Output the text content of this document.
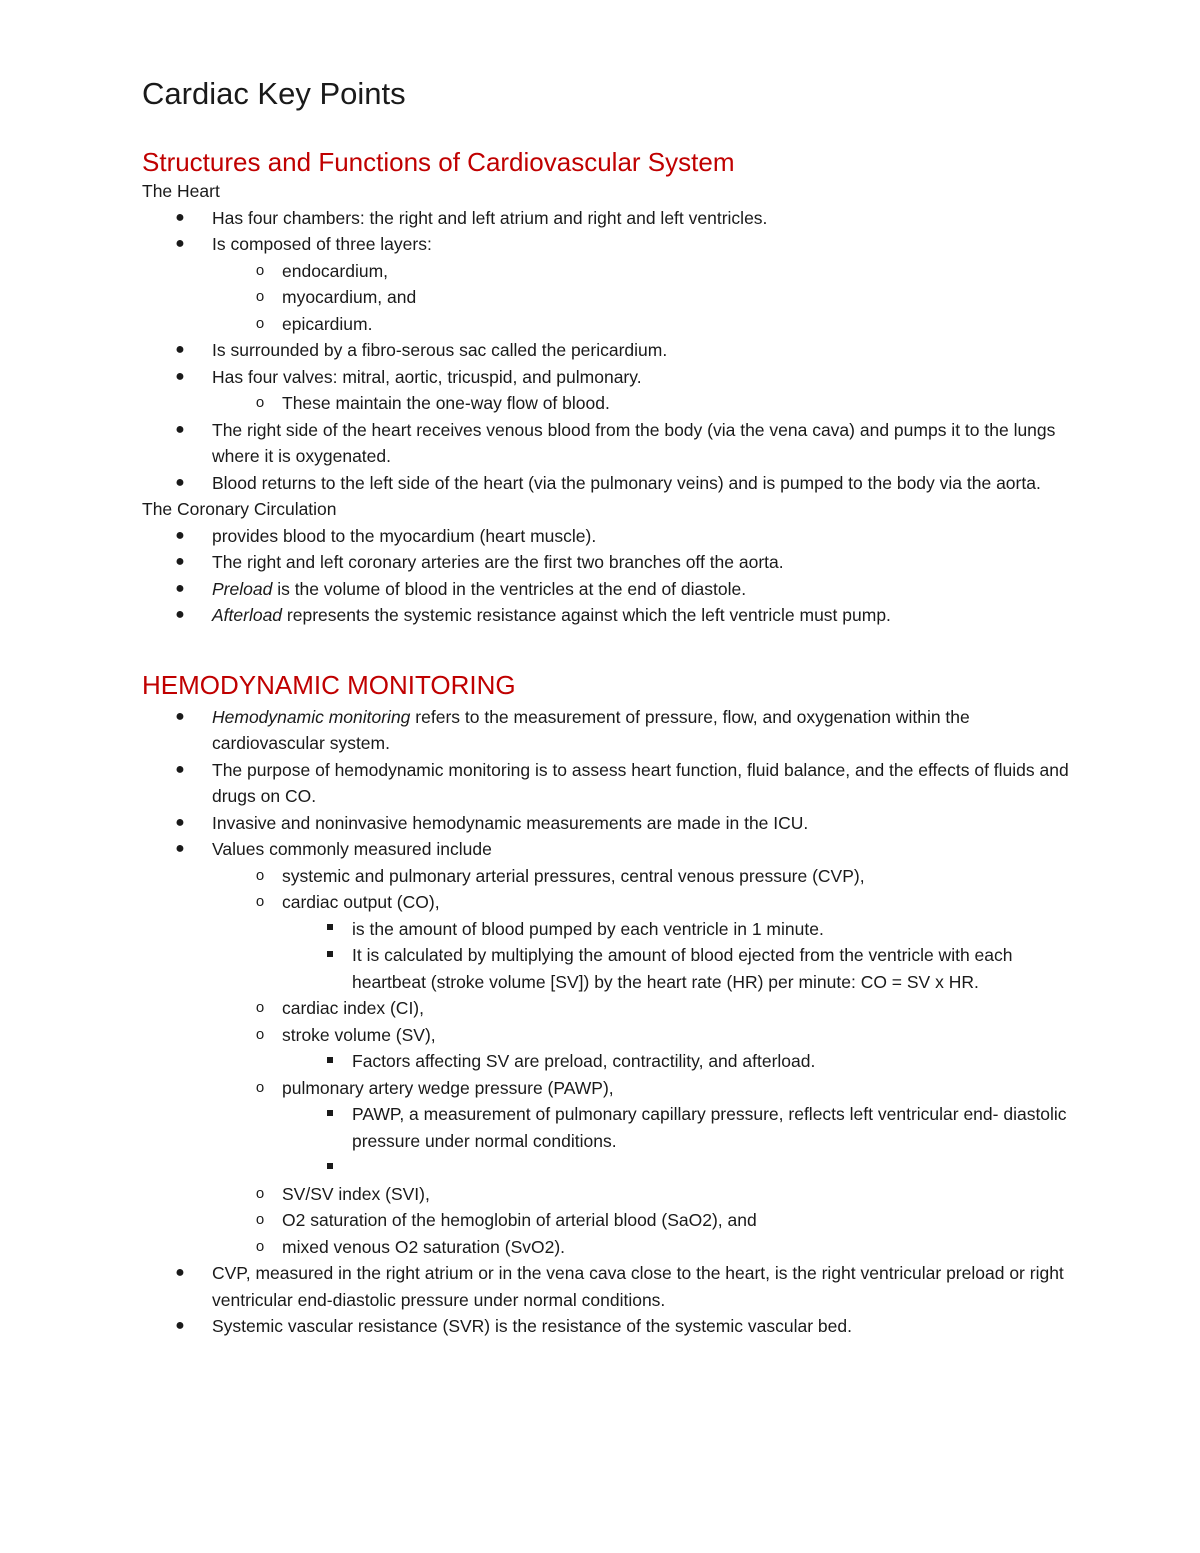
Cardiac Key Points
Structures and Functions of Cardiovascular System
The Heart
● Has four chambers: the right and left atrium and right and left ventricles.
● Is composed of three layers:
o	endocardium,
o	myocardium, and
o	epicardium.
● Is surrounded by a fibro-serous sac called the pericardium.
● Has four valves: mitral, aortic, tricuspid, and pulmonary.
o	These maintain the one-way flow of blood.
● The right side of the heart receives venous blood from the body (via the vena cava) and pumps it to the lungs where it is oxygenated.
● Blood returns to the left side of the heart (via the pulmonary veins) and is pumped to the body via the aorta.
The Coronary Circulation
● provides blood to the myocardium (heart muscle).
● The right and left coronary arteries are the first two branches off the aorta.
● Preload is the volume of blood in the ventricles at the end of diastole.
● Afterload represents the systemic resistance against which the left ventricle must pump.
HEMODYNAMIC MONITORING
● Hemodynamic monitoring refers to the measurement of pressure, flow, and oxygenation within the cardiovascular system.
● The purpose of hemodynamic monitoring is to assess heart function, fluid balance, and the effects of fluids and drugs on CO.
● Invasive and noninvasive hemodynamic measurements are made in the ICU.
● Values commonly measured include
o	systemic and pulmonary arterial pressures, central venous pressure (CVP),
o	cardiac output (CO),
is the amount of blood pumped by each ventricle in 1 minute.
It is calculated by multiplying the amount of blood ejected from the ventricle with each heartbeat (stroke volume [SV]) by the heart rate (HR) per minute: CO = SV x HR.
o	cardiac index (CI),
o	stroke volume (SV),
Factors affecting SV are preload, contractility, and afterload.
o	pulmonary artery wedge pressure (PAWP),
PAWP, a measurement of pulmonary capillary pressure, reflects left ventricular end- diastolic pressure under normal conditions.

o	SV/SV index (SVI),
o	O2 saturation of the hemoglobin of arterial blood (SaO2), and
o	mixed venous O2 saturation (SvO2).
● CVP, measured in the right atrium or in the vena cava close to the heart, is the right ventricular preload or right ventricular end-diastolic pressure under normal conditions.
● Systemic vascular resistance (SVR) is the resistance of the systemic vascular bed.
